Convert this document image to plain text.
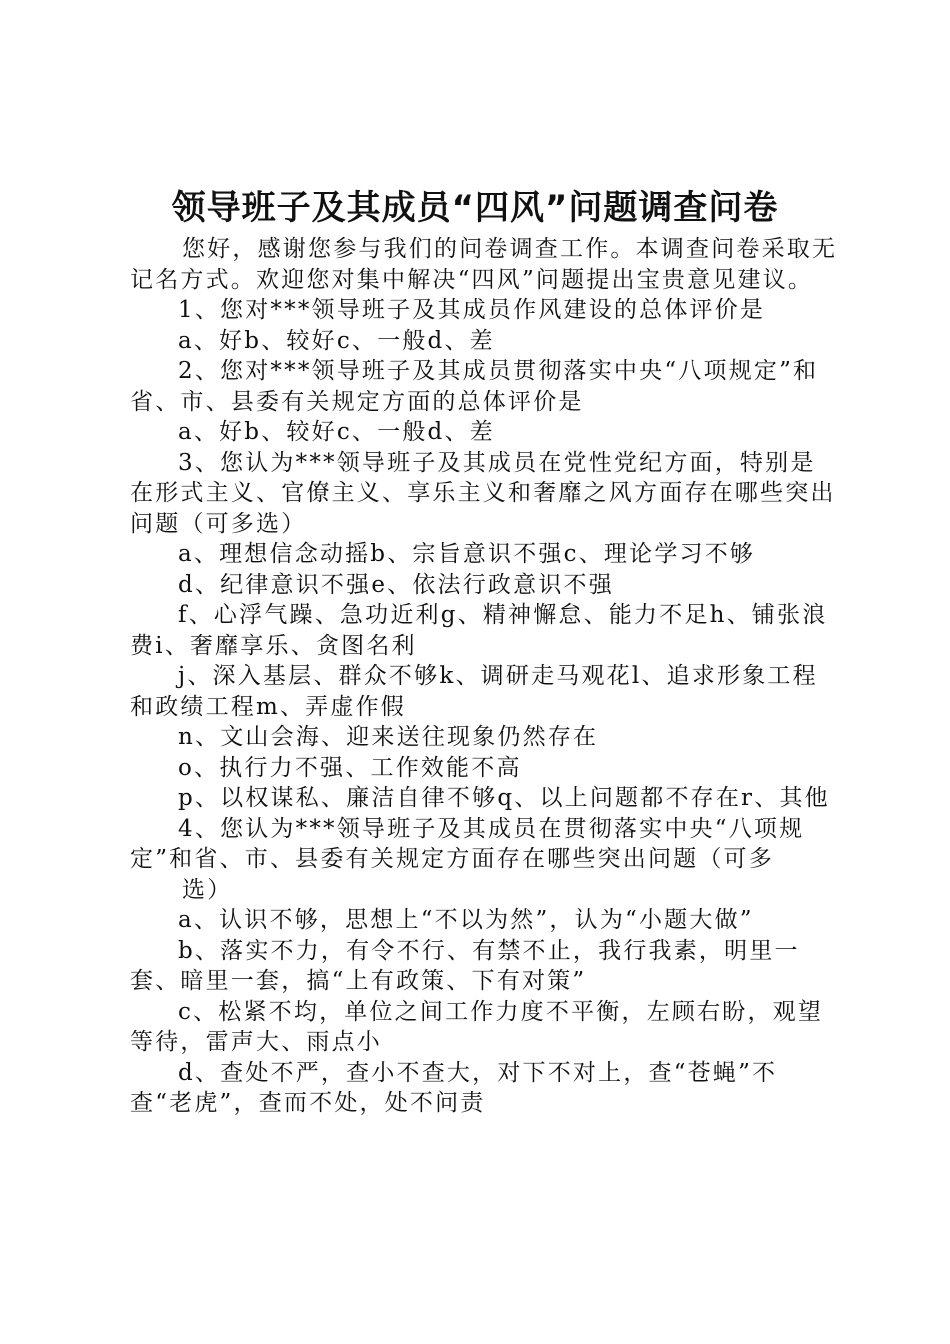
领导班子及其成员“四风”问题调查问卷

您好，感谢您参与我们的问卷调查工作。本调查问卷采取无记名方式。欢迎您对集中解决“四风”问题提出宝贵意见建议。

1、您对***领导班子及其成员作风建设的总体评价是

a、好b、较好c、一般d、差

2、您对***领导班子及其成员贯彻落实中央“八项规定”和省、市、县委有关规定方面的总体评价是

a、好b、较好c、一般d、差

3、您认为***领导班子及其成员在党性党纪方面，特别是在形式主义、官僚主义、享乐主义和奢靡之风方面存在哪些突出问题（可多选）

a、理想信念动摇b、宗旨意识不强c、理论学习不够

d、纪律意识不强e、依法行政意识不强

f、心浮气躁、急功近利g、精神懈怠、能力不足h、铺张浪费i、奢靡享乐、贪图名利

j、深入基层、群众不够k、调研走马观花l、追求形象工程和政绩工程m、弄虚作假

n、文山会海、迎来送往现象仍然存在

o、执行力不强、工作效能不高

p、以权谋私、廉洁自律不够q、以上问题都不存在r、其他

4、您认为***领导班子及其成员在贯彻落实中央“八项规定”和省、市、县委有关规定方面存在哪些突出问题（可多

选）

a、认识不够，思想上“不以为然”，认为“小题大做”

b、落实不力，有令不行、有禁不止，我行我素，明里一套、暗里一套，搞“上有政策、下有对策”

c、松紧不均，单位之间工作力度不平衡，左顾右盼，观望等待，雷声大、雨点小

d、查处不严，查小不查大，对下不对上，查“苍蝇”不查“老虎”，查而不处，处不问责
